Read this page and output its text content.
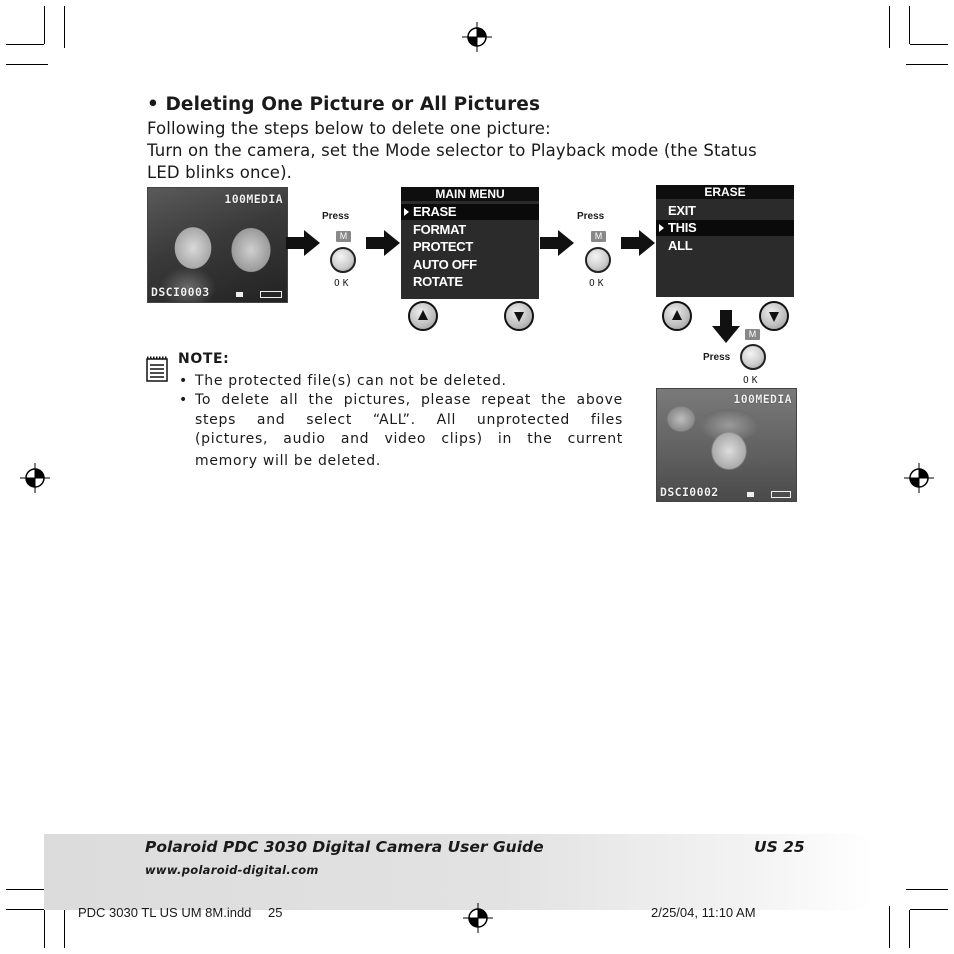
• Deleting One Picture or All Pictures
Following the steps below to delete one picture:
Turn on the camera, set the Mode selector to Playback mode (the Status
LED blinks once).
100MEDIA
DSCI0003
Press
M
OK
MAIN MENU
ERASE
FORMAT
PROTECT
AUTO OFF
ROTATE
Press
M
OK
ERASE
EXIT
THIS
ALL
Press
M
OK
100MEDIA
DSCI0002
NOTE:
• The protected file(s) can not be deleted.
• To delete all the pictures, please repeat the above
steps and select “ALL”. All unprotected files
(pictures, audio and video clips) in the current
memory will be deleted.
Polaroid PDC 3030 Digital Camera User Guide	US 25
www.polaroid-digital.com
PDC 3030 TL US UM 8M.indd 25	2/25/04, 11:10 AM
